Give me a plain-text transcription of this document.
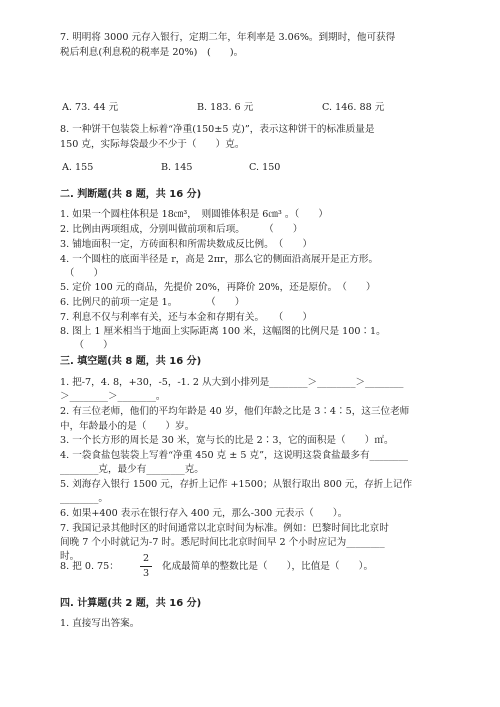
7. 明明将 3000 元存入银行，定期二年，年利率是 3.06%。到期时，他可获得
税后利息(利息税的税率是 20%)　(　　)。
A. 73. 44 元	B. 183. 6 元	C. 146. 88 元
8. 一种饼干包装袋上标着“净重(150±5 克)”，表示这种饼干的标准质量是
150 克，实际每袋最少不少于（　　）克。
A. 155	B. 145	C. 150
二. 判断题(共 8 题，共 16 分)
1. 如果一个圆柱体积是 18㎝³，　则圆锥体积是 6㎝³ 。（　　）
2. 比例由两项组成，分别叫做前项和后项。　　　（　　）
3. 铺地面积一定，方砖面积和所需块数成反比例。　（　　）
4. 一个圆柱的底面半径是 r，高是 2πr，那么它的侧面沿高展开是正方形。
　（　　）
5. 定价 100 元的商品，先提价 20%，再降价 20%，还是原价。　（　　）
6. 比例尺的前项一定是 1。　　　　（　　）
7. 利息不仅与利率有关，还与本金和存期有关。　　（　　）
8. 图上 1 厘米相当于地面上实际距离 100 米，这幅图的比例尺是 100∶1。
　　（　　）
三. 填空题(共 8 题，共 16 分)
1. 把-7，4. 8，+30，-5，-1. 2 从大到小排列是________＞________＞________
＞________＞________。
2. 有三位老师，他们的平均年龄是 40 岁，他们年龄之比是 3∶4∶5，这三位老师
中，年龄最小的是（　　）岁。
3. 一个长方形的周长是 30 米，宽与长的比是 2∶3，它的面积是（　　）㎡。
4. 一袋食盐包装袋上写着“净重 450 克 ± 5 克”，这说明这袋食盐最多有________
________克，最少有________克。
5. 刘海存入银行 1500 元，存折上记作 +1500；从银行取出 800 元，存折上记作
________。
6. 如果+400 表示在银行存入 400 元，那么-300 元表示（　　）。
7. 我国记录其他时区的时间通常以北京时间为标准。例如：巴黎时间比北京时
间晚 7 个小时就记为-7 时。悉尼时间比北京时间早 2 个小时应记为________
时。
8. 把 0. 75：
2
3
化成最简单的整数比是（　　），比值是（　　）。
四. 计算题(共 2 题，共 16 分)
1. 直接写出答案。
